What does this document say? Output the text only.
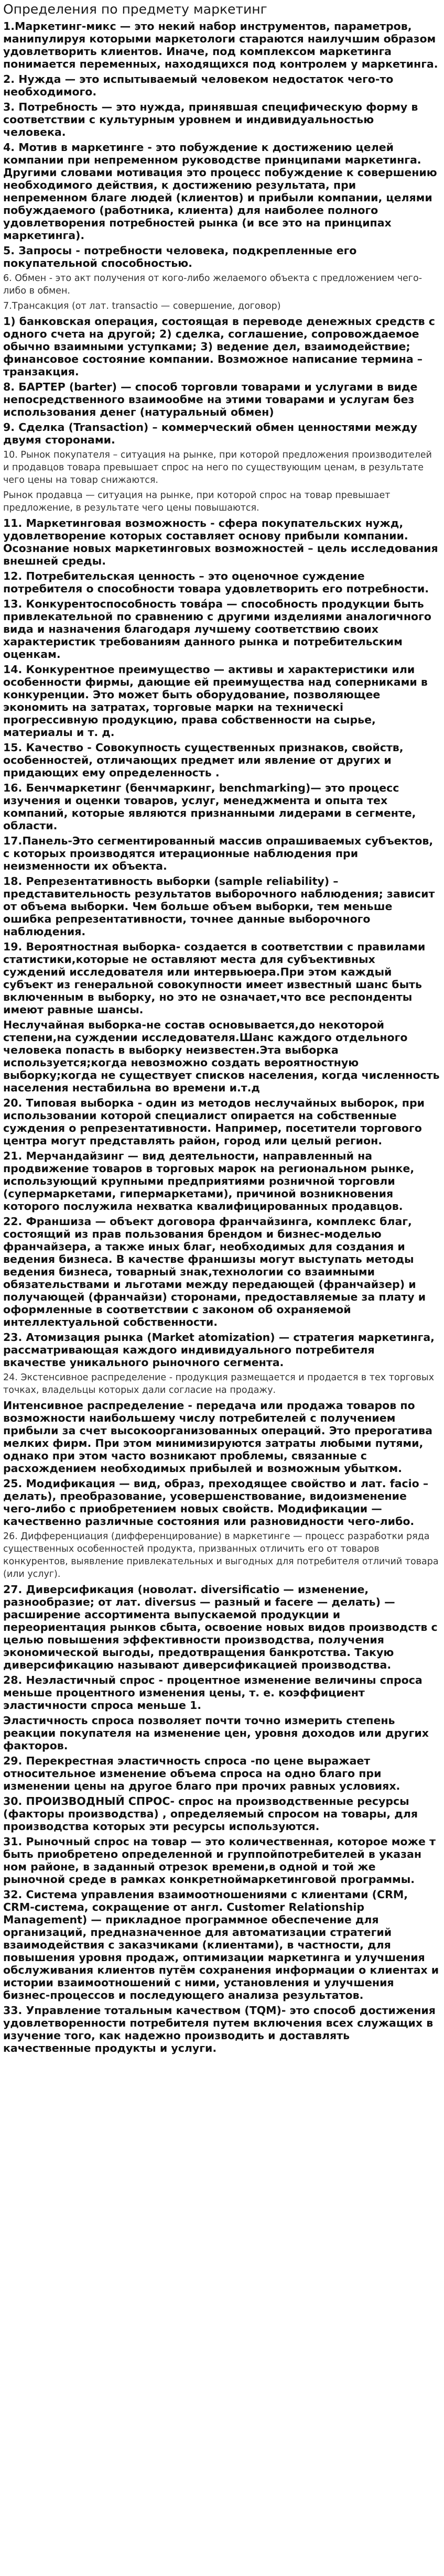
Определения по предмету маркетинг

1.Маркетинг-микс — это некий набор инструментов, параметров, манипулируя которыми маркетологи стараются наилучшим образом удовлетворить клиентов. Иначе, под комплексом маркетинга понимается переменных, находящихся под контролем у маркетинга.

2. Нужда — это испытываемый человеком недостаток чего-то необходимого.

3. Потребность — это нужда, принявшая специфическую форму в соответствии с культурным уровнем и индивидуальностью человека.

4. Мотив в маркетинге - это побуждение к достижению целей компании при непременном руководстве принципами маркетинга. Другими словами мотивация это процесс побуждение к совершению необходимого действия, к достижению результата, при непременном благе людей (клиентов) и прибыли компании, целями побуждаемого (работника, клиента) для наиболее полного удовлетворения потребностей рынка (и все это на принципах маркетинга).

5. Запросы - потребности человека, подкрепленные его покупательной способностью.

6. Обмен - это акт получения от кого-либо желаемого объекта с предложением чего- либо в обмен.

7.Трансакция (от лат. transactio — совершение, договор)

1) банковская операция, состоящая в переводе денежных средств с одного счета на другой; 2) сделка, соглашение, сопровождаемое обычно взаимными уступками; 3) ведение дел, взаимодействие; финансовое состояние компании. Возможное написание термина – транзакция.

8. БАРТЕР (barter) — способ торговли товарами и услугами в виде непосредственного взаимообме на этими товарами и услугам без использования денег (натуральный обмен)

9. Сделка (Transaction) – коммерческий обмен ценностями между двумя сторонами.

10. Рынок покупателя – ситуация на рынке, при которой предложения производителей и продавцов товара превышает спрос на него по существующим ценам, в результате чего цены на товар снижаются.

Рынок продавца — ситуация на рынке, при которой спрос на товар превышает предложение, в результате чего цены повышаются.

11. Маркетинговая возможность - сфера покупательских нужд, удовлетворение которых составляет основу прибыли компании. Осознание новых маркетинговых возможностей – цель исследования внешней среды.

12. Потребительская ценность – это оценочное суждение потребителя о способности товара удовлетворить его потребности.

13. Конкурентоспособность товáра — способность продукции быть привлекательной по сравнению с другими изделиями аналогичного вида и назначения благодаря лучшему соответствию своих характеристик требованиям данного рынка и потребительским оценкам.

14. Конкурентное преимущество — активы и характеристики или особенности фирмы, дающие ей преимущества над соперниками в конкуренции. Это может быть оборудование, позволяющее экономить на затратах, торговые марки на техническі прогрессивную продукцию, права собственности на сырье, материалы и т. д.

15. Качество - Совокупность существенных признаков, свойств, особенностей, отличающих предмет или явление от других и придающих ему определенность .

16. Бенчмаркетинг (бенчмаркинг, benchmarking)— это процесс изучения и оценки товаров, услуг, менеджмента и опыта тех компаний, которые являются признанными лидерами в сегменте, области.

17.Панель-Это сегментированный массив опрашиваемых субъектов, с которых производятся итерационные наблюдения при неизменности их объекта.

18. Репрезентативность выборки (sample reliability) – представительность результатов выборочного наблюдения; зависит от объема выборки. Чем больше объем выборки, тем меньше ошибка репрезентативности, точнее данные выборочного наблюдения.

19. Вероятностная выборка- создается в соответствии с правилами статистики,которые не оставляют места для субъективных суждений исследователя или интервьюера.При этом каждый субъект из генеральной совокупности имеет известный шанс быть включенным в выборку, но это не означает,что все респонденты имеют равные шансы.

Неслучайная выборка-не состав основывается,до некоторой степени,на суждении исследователя.Шанс каждого отдельного человека попасть в выборку неизвестен.Эта выборка используется;когда невозможно создать вероятностную выборку;когда не существует списков населения, когда численность населения нестабильна во времени и.т.д

20. Типовая выборка - один из методов неслучайных выборок, при использовании которой специалист опирается на собственные суждения о репрезентативности. Например, посетители торгового центра могут представлять район, город или целый регион.

21. Мерчандайзинг — вид деятельности, направленный на продвижение товаров в торговых марок на региональном рынке, использующий крупными предприятиями розничной торговли (супермаркетами, гипермаркетами), причиной возникновения которого послужила нехватка квалифицированных продавцов.

22. Франшиза — объект договора франчайзинга, комплекс благ, состоящий из прав пользования брендом и бизнес-моделью франчайзера, а также иных благ, необходимых для создания и ведения бизнеса. В качестве франшизы могут выступать методы ведения бизнеса, товарный знак,технологии со взаимными обязательствами и льготами между передающей (франчайзер) и получающей (франчайзи) сторонами, предоставляемые за плату и оформленные в соответствии с законом об охраняемой интеллектуальной собственности.

23. Атомизация рынка (Market atomization) — стратегия маркетинга, рассматривающая каждого индивидуального потребителя вкачестве уникального рыночного сегмента.

24. Экстенсивное распределение - продукция размещается и продается в тех торговых точках, владельцы которых дали согласие на продажу.

Интенсивное распределение - передача или продажа товаров по возможности наибольшему числу потребителей с получением прибыли за счет высокоорганизованных операций. Это прерогатива мелких фирм. При этом минимизируются затраты любыми путями, однако при этом часто возникают проблемы, связанные с расхождением необходимых прибылей и возможным убытком.

25. Модификация — вид, образ, преходящее свойство и лат. facio – делать), преобразование, усовершенствование, видоизменение чего-либо с приобретением новых свойств. Модификации — качественно различные состояния или разновидности чего-либо.

26. Дифференциация (дифференцирование) в маркетинге — процесс разработки ряда существенных особенностей продукта, призванных отличить его от товаров конкурентов, выявление привлекательных и выгодных для потребителя отличий товара (или услуг).

27. Диверсификация (новолат. diversificatio — изменение, разнообразие; от лат. diversus — разный и facere — делать) — расширение ассортимента выпускаемой продукции и переориентация рынков сбыта, освоение новых видов производств с целью повышения эффективности производства, получения экономической выгоды, предотвращения банкротства. Такую диверсификацию называют диверсификацией производства.

28. Неэластичный спрос - процентное изменение величины спроса меньше процентного изменения цены, т. е. коэффициент эластичности спроса меньше 1.

Эластичность спроса позволяет почти точно измерить степень реакции покупателя на изменение цен, уровня доходов или других факторов.

29. Перекрестная эластичность спроса -по цене выражает относительное изменение объема спроса на одно благо при изменении цены на другое благо при прочих равных условиях.

30. ПРОИЗВОДНЫЙ СПРОС- спрос на производственные ресурсы (факторы производства) , определяемый спросом на товары, для производства которых эти ресурсы используются.

31. Рыночный спрос на товар — это количественная, которое може т быть приобретено определенной и группойпотребителей в указан ном районе, в заданный отрезок времени,в одной и той же рыночной среде в рамках конкретноймаркетинговой программы.

32. Система управления взаимоотношениями с клиентами (CRM, CRM-система, сокращение от англ. Customer Relationship Management) — прикладное программное обеспечение для организаций, предназначенное для автоматизации стратегий взаимодействия с заказчиками (клиентами), в частности, для повышения уровня продаж, оптимизации маркетинга и улучшения обслуживания клиентов путём сохранения информации о клиентах и истории взаимоотношений с ними, установления и улучшения бизнес-процессов и последующего анализа результатов.

33. Управление тотальным качеством (TQM)- это способ достижения удовлетворенности потребителя путем включения всех служащих в изучение того, как надежно производить и доставлять качественные продукты и услуги.
